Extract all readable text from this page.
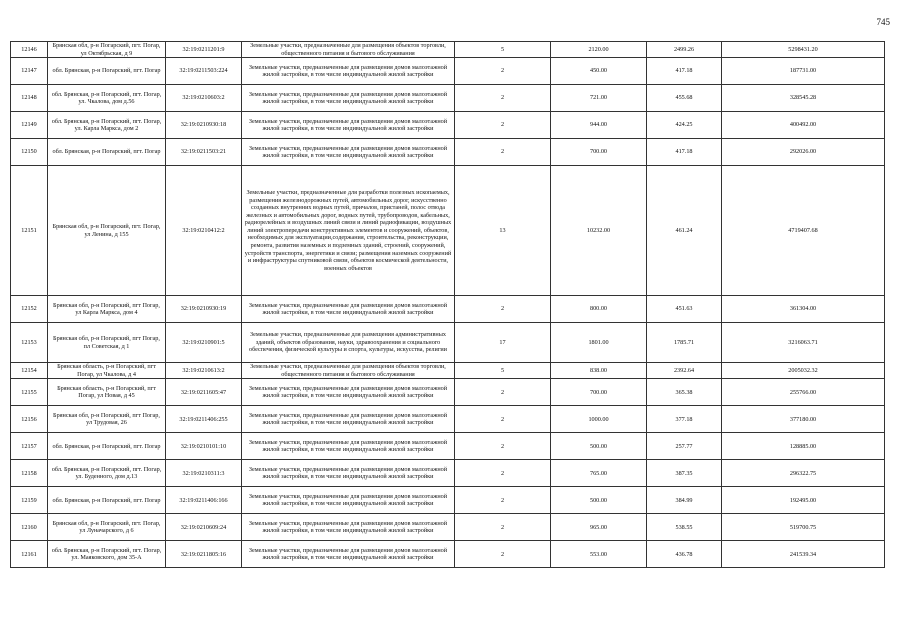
745
12146	Брянская обл, р-н Погарский, пгт. Погар, ул Октябрьская, д 9	32:19:0211201:9	Земельные участки, предназначенные для размещения объектов торговли, общественного питания и бытового обслуживания	5	2120.00	2499.26	5298431.20
12147	обл. Брянская, р-н Погарский, пгт. Погар	32:19:0211503:224	Земельные участки, предназначенные для размещения домов малоэтажной жилой застройки, в том числе индивидуальной жилой застройки	2	450.00	417.18	187731.00
12148	обл. Брянская, р-н Погарский, пгт. Погар, ул. Чкалова, дом д.56	32:19:0210603:2	Земельные участки, предназначенные для размещения домов малоэтажной жилой застройки, в том числе индивидуальной жилой застройки	2	721.00	455.68	328545.28
12149	обл. Брянская, р-н Погарский, пгт. Погар, ул. Карла Маркса, дом 2	32:19:0210930:18	Земельные участки, предназначенные для размещения домов малоэтажной жилой застройки, в том числе индивидуальной жилой застройки	2	944.00	424.25	400492.00
12150	обл. Брянская, р-н Погарский, пгт. Погар	32:19:0211503:21	Земельные участки, предназначенные для размещения домов малоэтажной жилой застройки, в том числе индивидуальной жилой застройки	2	700.00	417.18	292026.00
12151	Брянская обл, р-н Погарский, пгт. Погар, ул Ленина, д 155	32:19:0210412:2	Земельные участки, предназначенные для разработки полезных ископаемых, размещения железнодорожных путей, автомобильных дорог, искусственно созданных внутренних водных путей, причалов, пристаней, полос отвода железных и автомобильных дорог, водных путей, трубопроводов, кабельных, радиорелейных и воздушных линий связи и линий радиофикации, воздушных линий электропередачи конструктивных элементов и сооружений, объектов, необходимых для эксплуатации,содержания, строительства, реконструкции, ремонта, развития наземных и подземных зданий, строений, сооружений, устройств транспорта, энергетики и связи; размещения наземных сооружений и инфраструктуры спутниковой связи, объектов космической деятельности, военных объектов	13	10232.00	461.24	4719407.68
12152	Брянская обл, р-н Погарский, пгт Погар, ул Карла Маркса, дом 4	32:19:0210930:19	Земельные участки, предназначенные для размещения домов малоэтажной жилой застройки, в том числе индивидуальной жилой застройки	2	800.00	451.63	361304.00
12153	Брянская обл, р-н Погарский, пгт Погар, пл Советская, д 1	32:19:0210901:5	Земельные участки, предназначенные для размещения административных зданий, объектов образования, науки, здравоохранения и социального обеспечения, физической культуры и спорта, культуры, искусства, религии	17	1801.00	1785.71	3216063.71
12154	Брянская область, р-н Погарский, пгт Погар, ул Чкалова, д 4	32:19:0210613:2	Земельные участки, предназначенные для размещения объектов торговли, общественного питания и бытового обслуживания	5	838.00	2392.64	2005032.32
12155	Брянская область, р-н Погарский, пгт Погар, ул Новая, д 45	32:19:0211605:47	Земельные участки, предназначенные для размещения домов малоэтажной жилой застройки, в том числе индивидуальной жилой застройки	2	700.00	365.38	255766.00
12156	Брянская обл, р-н Погарский, пгт Погар, ул Трудовая, 26	32:19:0211406:255	Земельные участки, предназначенные для размещения домов малоэтажной жилой застройки, в том числе индивидуальной жилой застройки	2	1000.00	377.18	377180.00
12157	обл. Брянская, р-н Погарский, пгт. Погар	32:19:0210101:10	Земельные участки, предназначенные для размещения домов малоэтажной жилой застройки, в том числе индивидуальной жилой застройки	2	500.00	257.77	128885.00
12158	обл. Брянская, р-н Погарский, пгт. Погар, ул. Буденного, дом д.13	32:19:0210311:3	Земельные участки, предназначенные для размещения домов малоэтажной жилой застройки, в том числе индивидуальной жилой застройки	2	765.00	387.35	296322.75
12159	обл. Брянская, р-н Погарский, пгт. Погар	32:19:0211406:166	Земельные участки, предназначенные для размещения домов малоэтажной жилой застройки, в том числе индивидуальной жилой застройки	2	500.00	384.99	192495.00
12160	Брянская обл, р-н Погарский, пгт. Погар, ул Луначарского, д 6	32:19:0210609:24	Земельные участки, предназначенные для размещения домов малоэтажной жилой застройки, в том числе индивидуальной жилой застройки	2	965.00	538.55	519700.75
12161	обл. Брянская, р-н Погарский, пгт. Погар, ул. Маяковского, дом 35-А	32:19:0211805:16	Земельные участки, предназначенные для размещения домов малоэтажной жилой застройки, в том числе индивидуальной жилой застройки	2	553.00	436.78	241539.34
